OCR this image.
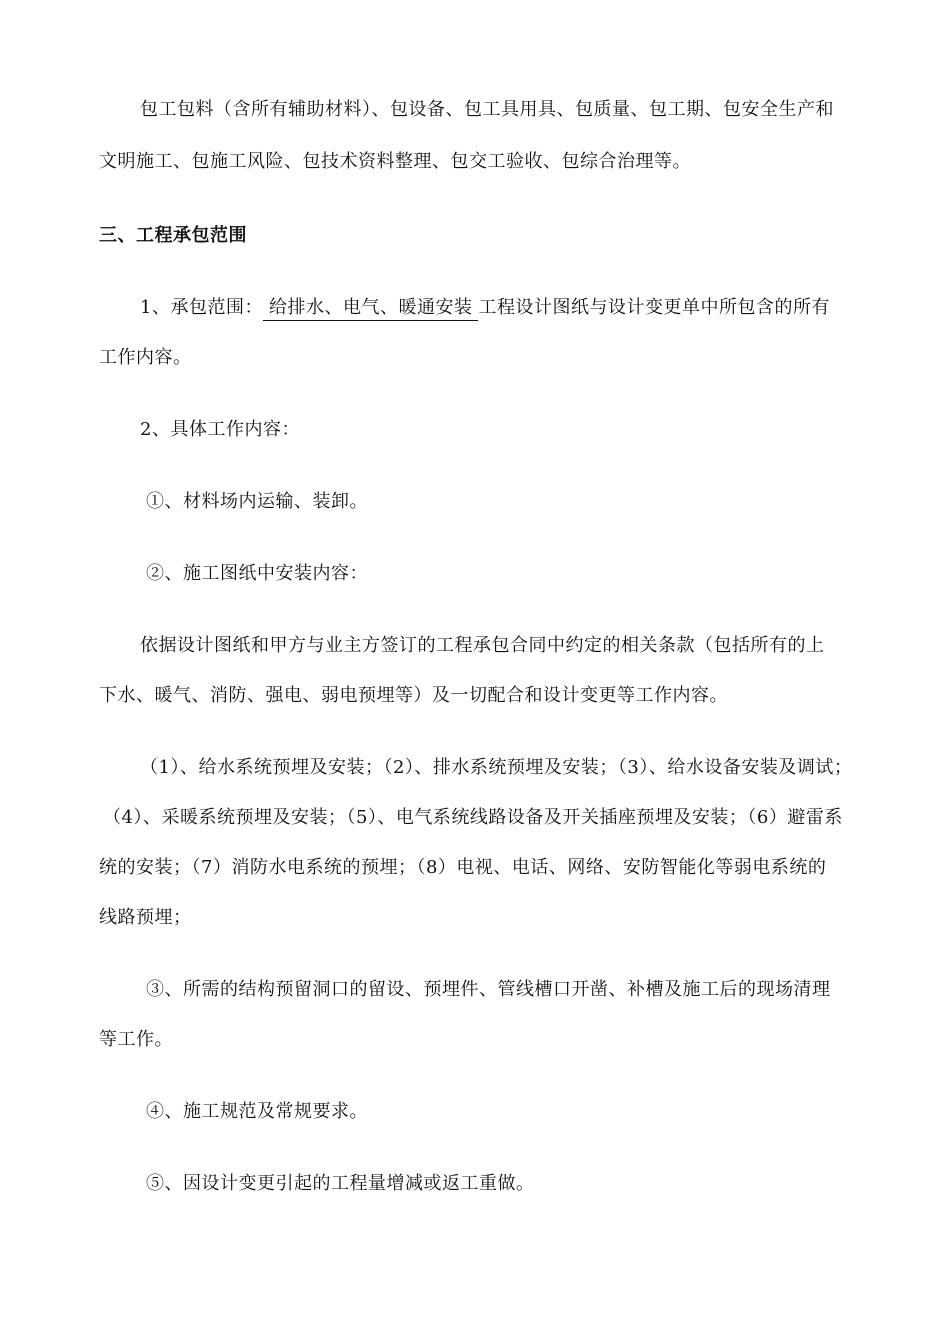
包工包料（含所有辅助材料）、包设备、包工具用具、包质量、包工期、包安全生产和
文明施工、包施工风险、包技术资料整理、包交工验收、包综合治理等。
三、工程承包范围
1、承包范围： 给排水、电气、暖通安装 工程设计图纸与设计变更单中所包含的所有
工作内容。
2、具体工作内容：
①、材料场内运输、装卸。
②、施工图纸中安装内容：
依据设计图纸和甲方与业主方签订的工程承包合同中约定的相关条款（包括所有的上
下水、暖气、消防、强电、弱电预埋等）及一切配合和设计变更等工作内容。
（1）、给水系统预埋及安装；（2）、排水系统预埋及安装；（3）、给水设备安装及调试；
（4）、采暖系统预埋及安装；（5）、电气系统线路设备及开关插座预埋及安装；（6）避雷系
统的安装；（7）消防水电系统的预埋；（8）电视、电话、网络、安防智能化等弱电系统的
线路预埋；
③、所需的结构预留洞口的留设、预埋件、管线槽口开凿、补槽及施工后的现场清理
等工作。
④、施工规范及常规要求。
⑤、因设计变更引起的工程量增减或返工重做。
